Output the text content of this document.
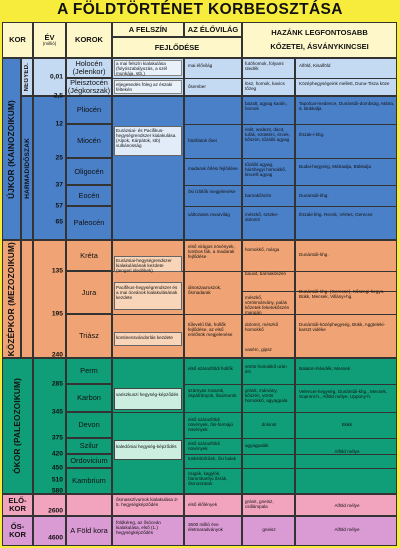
A FÖLDTÖRTÉNET KORBEOSZTÁSA
KOR ÉV
(millió)	KOROK
A FELSZÍN	AZ ÉLŐVILÁG
FEJLŐDÉSE
HAZÁNK LEGFONTOSABB
KŐZETEI, ÁSVÁNYKINCSEI
ÚJKOR (KAINOZOIKUM)
NEGYED.
HARMADIDŐSZAK
KÖZÉPKOR (MEZOZOIKUM)
ÓKOR (PALEOZOIKUM)
ELŐ-KOR
ŐS-KOR
0,01
2,5
12
25
37
57
65
135
195
240
285
345
375
420
450
510
580
2600
4600
Holocén (Jelenkor)
Pleisztocén (Jégkorszak)
Pliocén
Miocén
Oligocén
Eocén
Paleocén
Kréta
Jura
Triász
Perm
Karbon
Devon
Szilur
Ordovicium
Kambrium
A Föld kora
a mai felszín kialakulása (folyószabályozás, a szél munkája, stb.)
eljegesedés föleg az északi féltekén
Eurázsiai- és Pacifikus-hegységrendszer kialakulása. (Alpok, Kárpátok, stb) vulkánosság
Eurázsiai-hegységrendszer kialakulásának kezdete (tengeri üledékek)
Pacifikus-hegységrendszer és a mai óceánok kialakulásának kezdete
kontinensvándorlás kezdete
variszkuszi hegység-képződés
kaledóniai hegység-képződés
ősmasszívumok kialakulása 2-5. hegységképződés
földkéreg, az ősóceán kialakulása, első (1.) hegységképződés
mai élővilág
ősember
házillatok ősei
madarak őrlési fejlődése
ősi ízlölők megjelenése
változatos rovarvilág
első virágos növények, lombos fák, a madarak fejlődése
dinoszauruszok, ősmadarak
tűlevelű fák, hüllők fejlődése, az első emlősök megjelenése
első szárazföldi hüllők
szárnyas rovarok, óspáfrányok, ősazsurok
első szárazföldi növények, ősi-formájú növények
első szárazföldi növények
tüskésbőrűek, ősi halak
csigák, kagylók, háromkaréjú ősrák, ősmoszatok
első élőlények
3600 millió éve életmaradványok
futóhomok, folyami üledék
lösz, homok, kavics tőzeg
bazalt, agyag kaolin, homok
riolit, andezit, dácit, tufák, ezüstérc, ércek, kőszén, tűzálló agyag
tűzálló agyag, hárshegyi homokkő, kiscelli agyag
barnakőszén
mészkő, szürke-dolomit
homokkő, márga
bauxit, barnakőszén
mészkő, vörösmárvány, palás kőzetek feketekőszén mangán
dolomit, mészkő homokkő
vasérc, gipsz
vörös homokkő urán érc
gránit, márvány, kőszén, vörös homokkő, agyagpala
dolomit
agyagpalák
gránit, gneisz, csillámpala
gneisz
Alföld, Kisalföld
Középhegységeink mellett, Duna-Tisza köze
Tapolcai-medence, Dunántúli-dombság, Mátra, ä. Bükkalja
Észak-i-khg.
Budai-hegység, Mátraalja, Bükkalja
Dunántúli-khg.
Északi-khg. Recsk, Vértes, Gerecse
Dunántúli-khg.
Dunántúli-khg. (Gerecse), Kőszegi-hegys. Bükk, Mecsek, Villányi-hg.
Dunántúli-középhegység, Bükk, Aggteleki-karszt vidéke
Balaton-felvidék, Mecsek
Velencei-hegység, Dunántúli-khg., Mecsek, Soproni-h., Alföld mélye, Uppony-h.
Bükk
Alföld mélye
Alföld mélye
Alföld mélye
